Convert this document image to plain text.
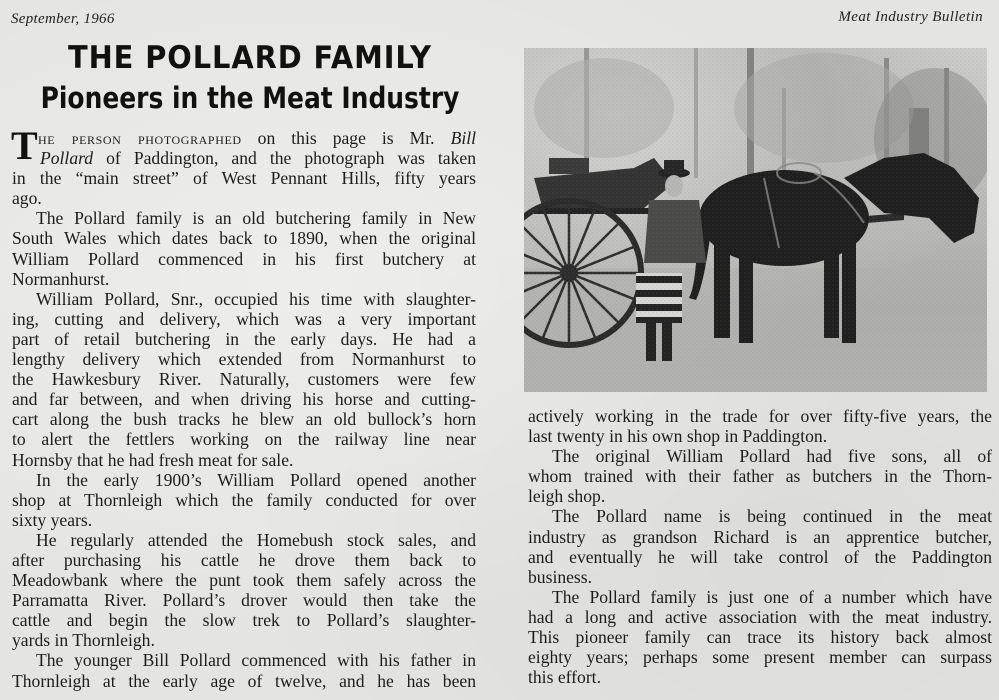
September, 1966	Meat Industry Bulletin
THE POLLARD FAMILY
Pioneers in the Meat Industry
T he person photographed on this page is Mr. Bill
Pollard of Paddington, and the photograph was taken
in the “main street” of West Pennant Hills, fifty years
ago.
The Pollard family is an old butchering family in New
South Wales which dates back to 1890, when the original
William Pollard commenced in his first butchery at
Normanhurst.
William Pollard, Snr., occupied his time with slaughter-
ing, cutting and delivery, which was a very important
part of retail butchering in the early days. He had a
lengthy delivery which extended from Normanhurst to
the Hawkesbury River. Naturally, customers were few
and far between, and when driving his horse and cutting-
cart along the bush tracks he blew an old bullock’s horn
to alert the fettlers working on the railway line near
Hornsby that he had fresh meat for sale.
In the early 1900’s William Pollard opened another
shop at Thornleigh which the family conducted for over
sixty years.
He regularly attended the Homebush stock sales, and
after purchasing his cattle he drove them back to
Meadowbank where the punt took them safely across the
Parramatta River. Pollard’s drover would then take the
cattle and begin the slow trek to Pollard’s slaughter-
yards in Thornleigh.
The younger Bill Pollard commenced with his father in
Thornleigh at the early age of twelve, and he has been
actively working in the trade for over fifty-five years, the
last twenty in his own shop in Paddington.
The original William Pollard had five sons, all of
whom trained with their father as butchers in the Thorn-
leigh shop.
The Pollard name is being continued in the meat
industry as grandson Richard is an apprentice butcher,
and eventually he will take control of the Paddington
business.
The Pollard family is just one of a number which have
had a long and active association with the meat industry.
This pioneer family can trace its history back almost
eighty years; perhaps some present member can surpass
this effort.
